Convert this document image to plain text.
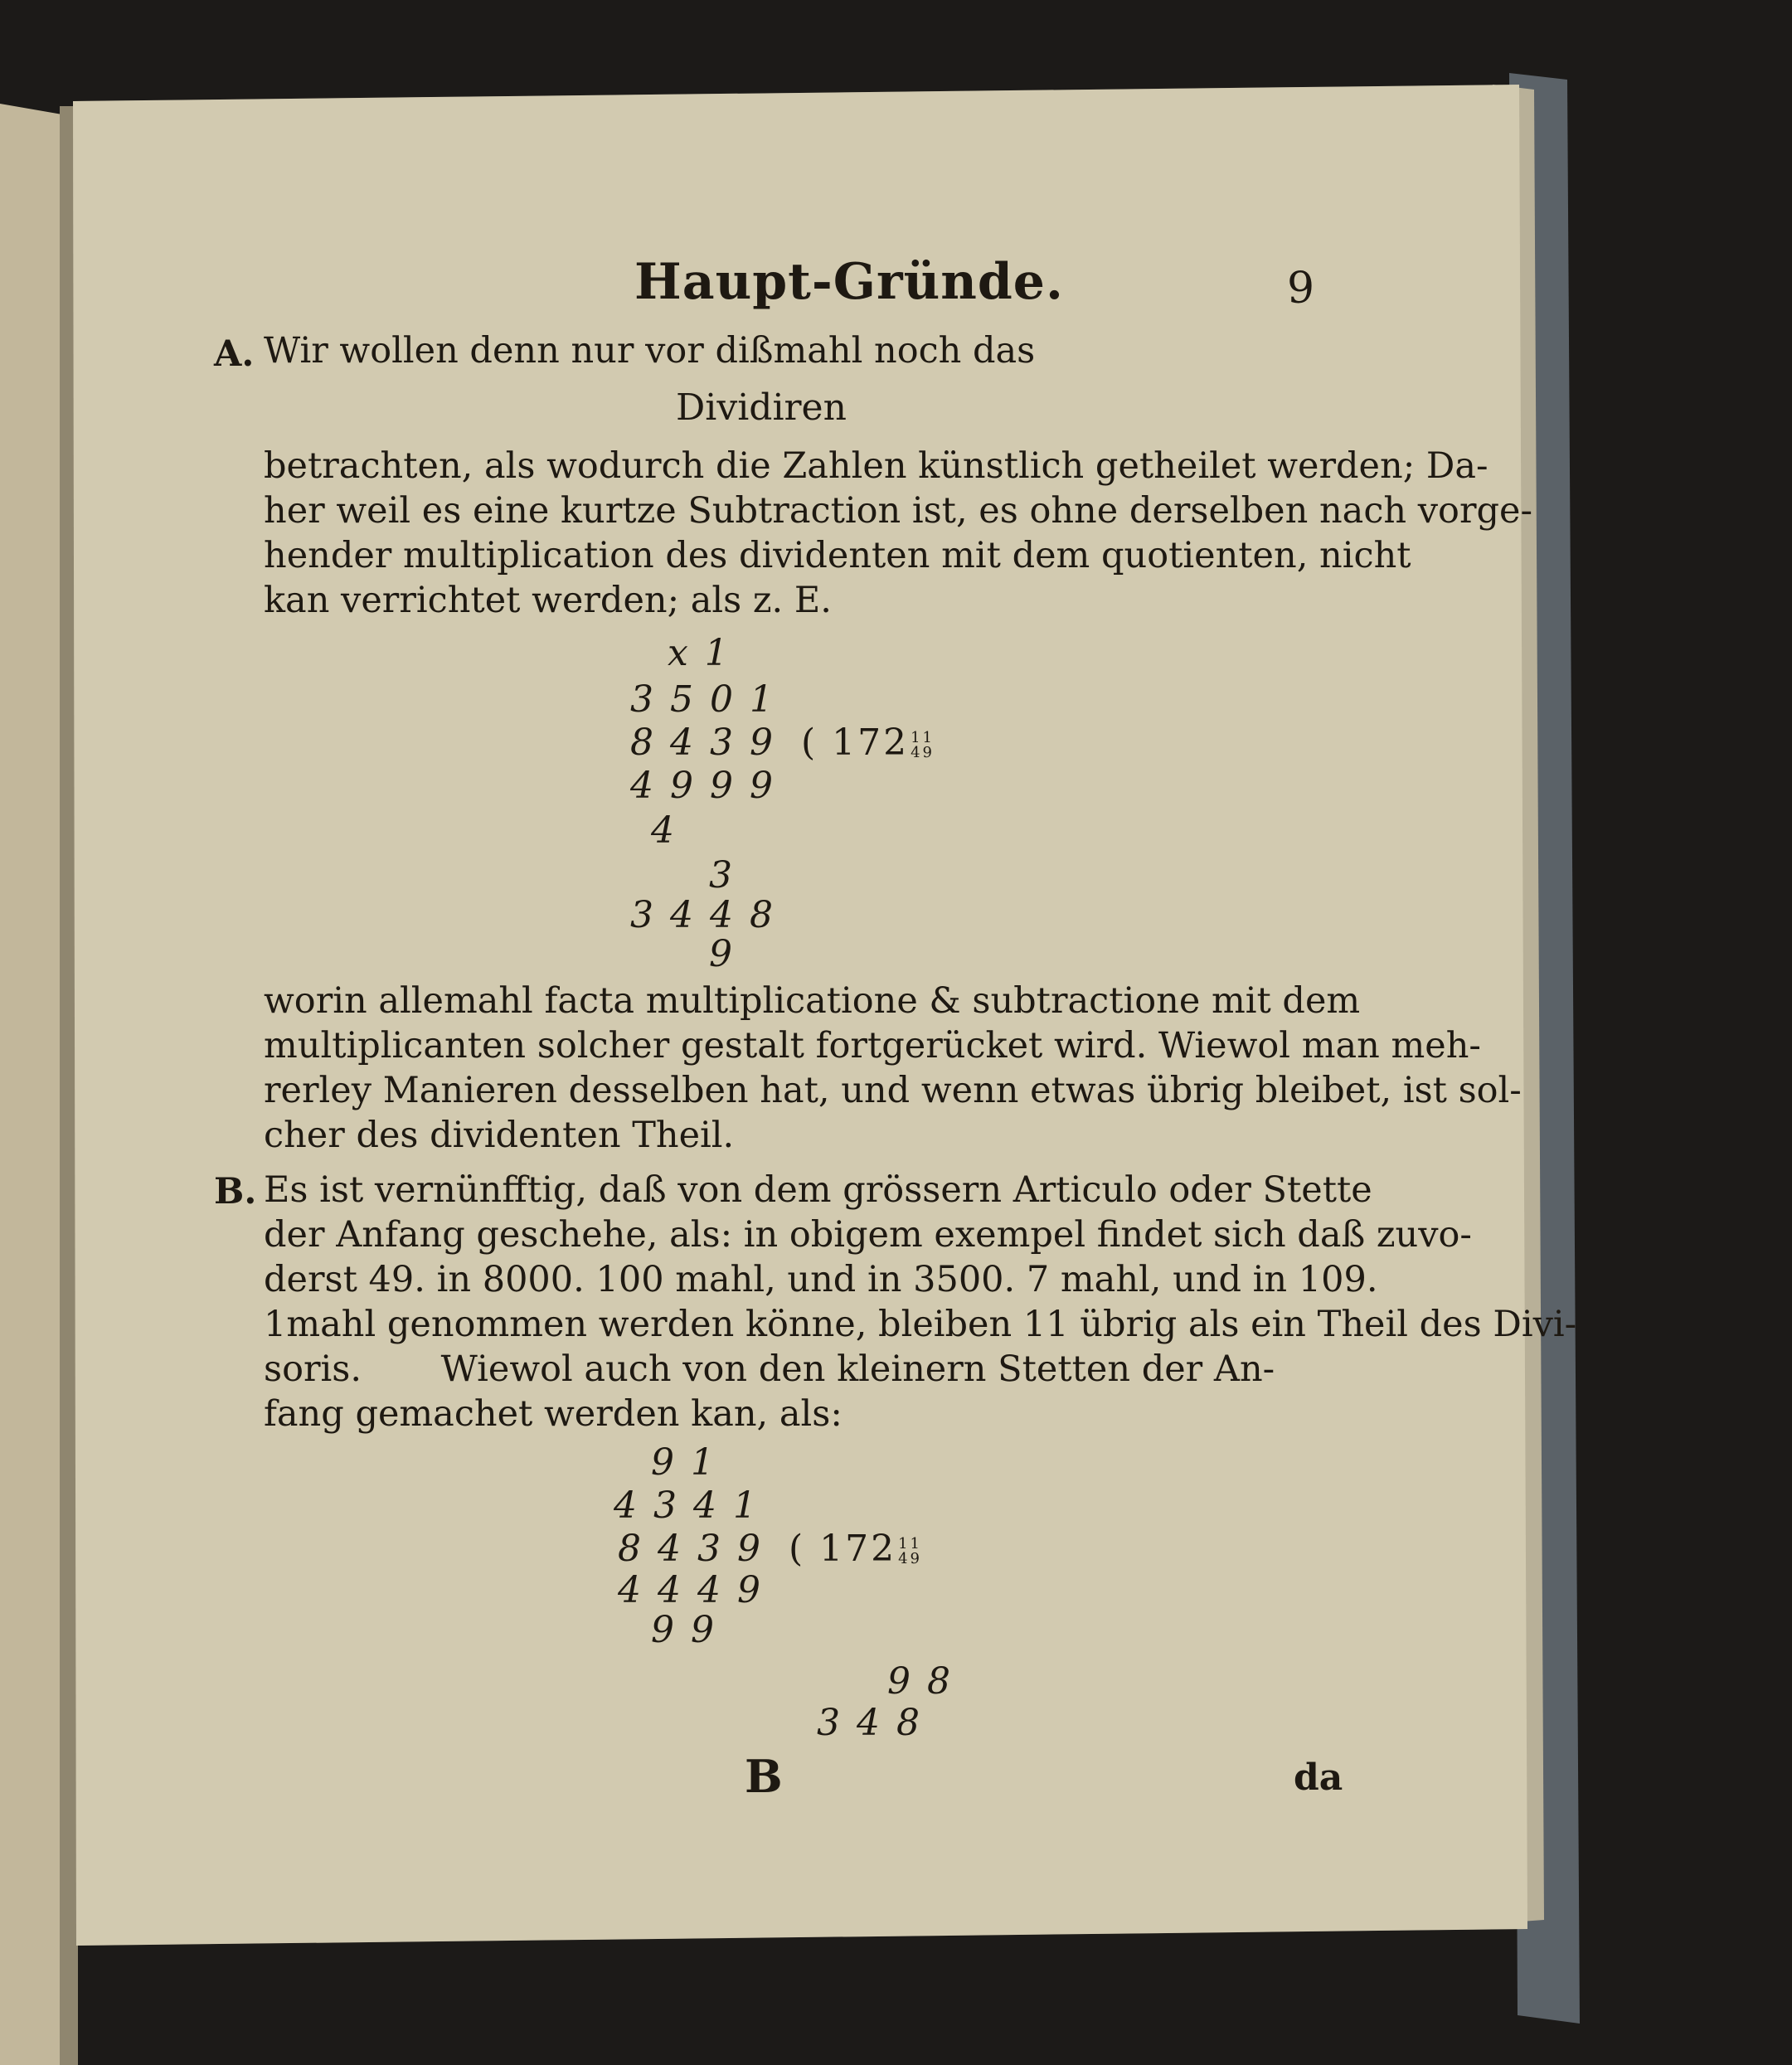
Haupt-Gründe.	9
A. Wir wollen denn nur vor dißmahl noch das
Dividiren
betrachten, als wodurch die Zahlen künstlich getheilet werden; Da-
her weil es eine kurtze Subtraction ist, es ohne derselben nach vorge-
hender multiplication des dividenten mit dem quotienten, nicht
kan verrichtet werden; als z. E.
x 1
3 5 0 1
8 4 3 9 ( 172 11
49
4 9 9 9
4
3
3 4 4 8
9
worin allemahl facta multiplicatione & subtractione mit dem
multiplicanten solcher gestalt fortgerücket wird. Wiewol man meh-
rerley Manieren desselben hat, und wenn etwas übrig bleibet, ist sol-
cher des dividenten Theil.
B. Es ist vernünfftig, daß von dem grössern Articulo oder Stette
der Anfang geschehe, als: in obigem exempel findet sich daß zuvo-
derst 49. in 8000. 100 mahl, und in 3500. 7 mahl, und in 109.
1mahl genommen werden könne, bleiben 11 übrig als ein Theil des Divi-
soris.       Wiewol auch von den kleinern Stetten der An-
fang gemachet werden kan, als:
9 1
4 3 4 1
8 4 3 9 ( 172 11
49
4 4 4 9
9 9
9 8
3 4 8
B	da
